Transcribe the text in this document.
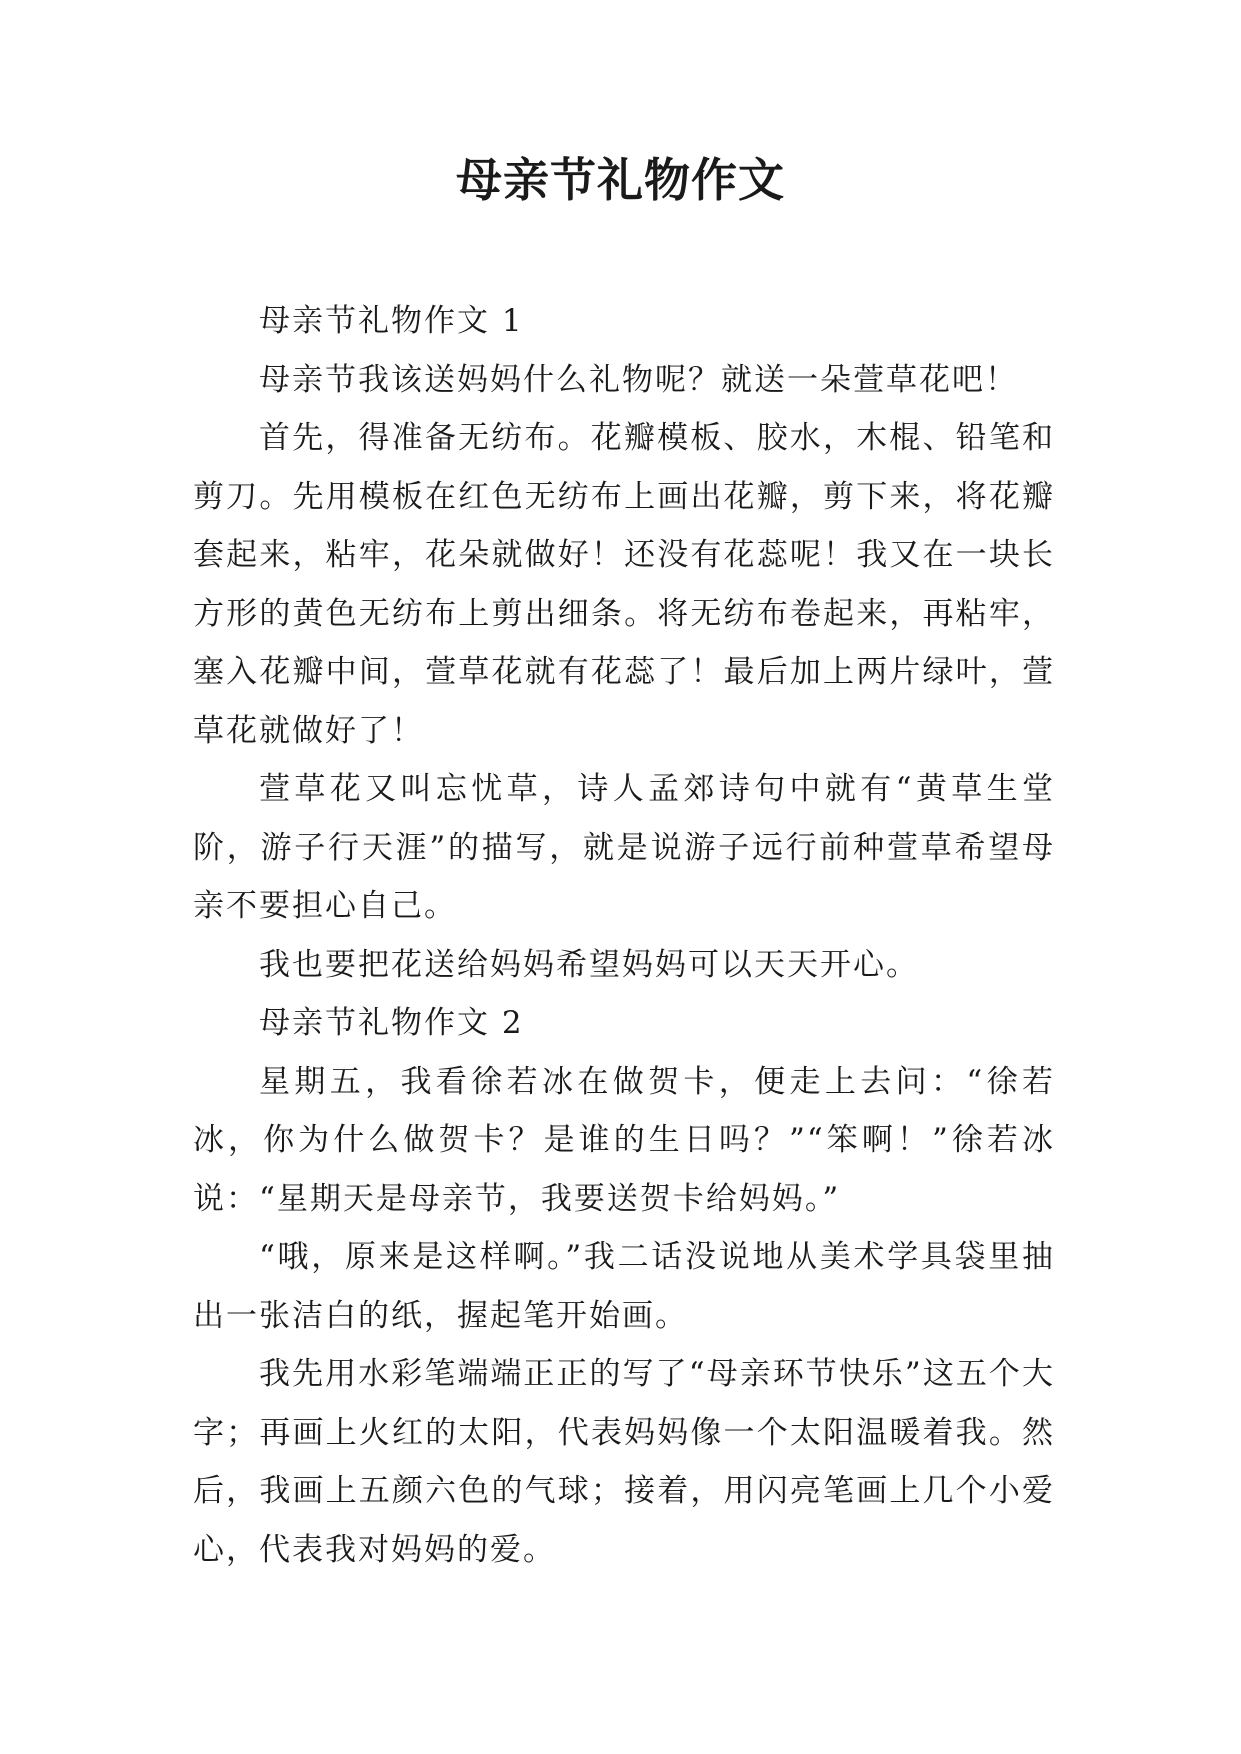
母亲节礼物作文

母亲节礼物作文 1

母亲节我该送妈妈什么礼物呢？就送一朵萱草花吧！

首先，得准备无纺布。花瓣模板、胶水，木棍、铅笔和剪刀。先用模板在红色无纺布上画出花瓣，剪下来，将花瓣套起来，粘牢，花朵就做好！还没有花蕊呢！我又在一块长方形的黄色无纺布上剪出细条。将无纺布卷起来，再粘牢，塞入花瓣中间，萱草花就有花蕊了！最后加上两片绿叶，萱草花就做好了！

萱草花又叫忘忧草，诗人孟郊诗句中就有“黄草生堂阶，游子行天涯”的描写，就是说游子远行前种萱草希望母亲不要担心自己。

我也要把花送给妈妈希望妈妈可以天天开心。

母亲节礼物作文 2

星期五，我看徐若冰在做贺卡，便走上去问：“徐若冰，你为什么做贺卡？是谁的生日吗？”“笨啊！”徐若冰说：“星期天是母亲节，我要送贺卡给妈妈。”

“哦，原来是这样啊。”我二话没说地从美术学具袋里抽出一张洁白的纸，握起笔开始画。

我先用水彩笔端端正正的写了“母亲环节快乐”这五个大字；再画上火红的太阳，代表妈妈像一个太阳温暖着我。然后，我画上五颜六色的气球；接着，用闪亮笔画上几个小爱心，代表我对妈妈的爱。
